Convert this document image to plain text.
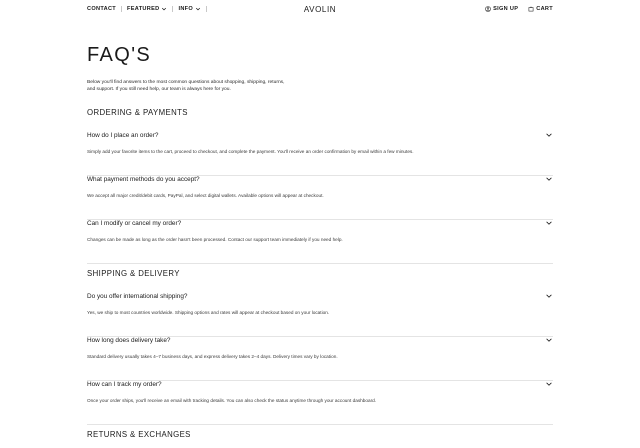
CONTACT FEATURED	INFO	AVOLIN	SIGN UP	CART
FAQ'S

Below you'll find answers to the most common questions about shopping, shipping, returns, and support. If you still need help, our team is always here for you.

ORDERING & PAYMENTS
How do I place an order?
Simply add your favorite items to the cart, proceed to checkout, and complete the payment. You'll receive an order confirmation by email within a few minutes.
What payment methods do you accept?
We accept all major credit/debit cards, PayPal, and select digital wallets. Available options will appear at checkout.
Can I modify or cancel my order?
Changes can be made as long as the order hasn't been processed. Contact our support team immediately if you need help.
SHIPPING & DELIVERY
Do you offer international shipping?
Yes, we ship to most countries worldwide. Shipping options and rates will appear at checkout based on your location.
How long does delivery take?
Standard delivery usually takes 4–7 business days, and express delivery takes 2–4 days. Delivery times vary by location.
How can I track my order?
Once your order ships, you'll receive an email with tracking details. You can also check the status anytime through your account dashboard.
RETURNS & EXCHANGES
